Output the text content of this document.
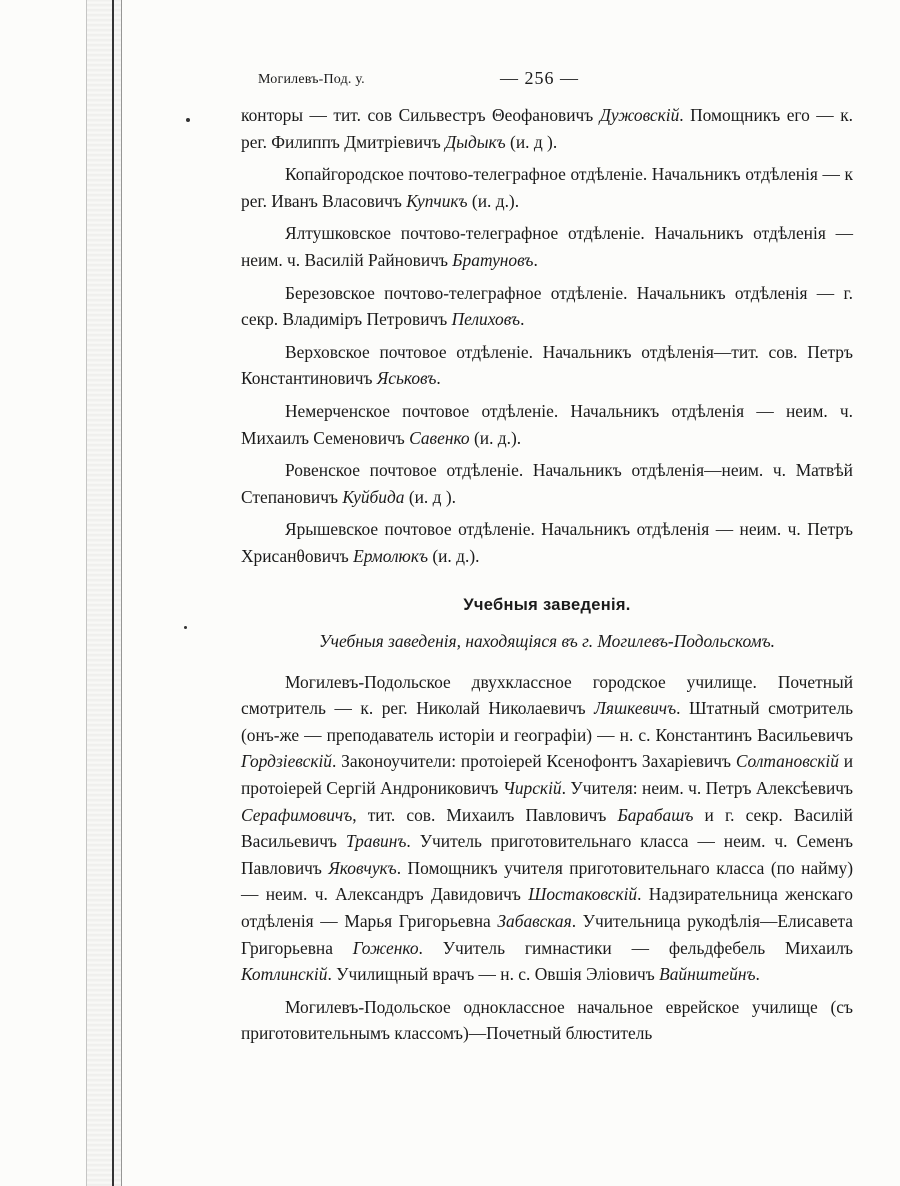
Могилевъ-Под. у.	— 256 —

конторы — тит. сов Сильвестръ Θеофановичъ Дужовскій. Помощникъ его — к. рег. Филиппъ Дмитріевичъ Дыдыкъ (и. д ).

Копайгородское почтово-телеграфное отдѣленіе. Начальникъ отдѣленія — к рег. Иванъ Власовичъ Купчикъ (и. д.).

Ялтушковское почтово-телеграфное отдѣленіе. Начальникъ отдѣленія — неим. ч. Василій Райновичъ Братуновъ.

Березовское почтово-телеграфное отдѣленіе. Начальникъ отдѣленія — г. секр. Владиміръ Петровичъ Пелиховъ.

Верховское почтовое отдѣленіе. Начальникъ отдѣленія—тит. сов. Петръ Константиновичъ Яськовъ.

Немерченское почтовое отдѣленіе. Начальникъ отдѣленія — неим. ч. Михаилъ Семеновичъ Савенко (и. д.).

Ровенское почтовое отдѣленіе. Начальникъ отдѣленія—неим. ч. Матвѣй Степановичъ Куйбида (и. д ).

Ярышевское почтовое отдѣленіе. Начальникъ отдѣленія — неим. ч. Петръ Хрисанθовичъ Ермолюкъ (и. д.).

Учебныя заведенія.

Учебныя заведенія, находящіяся въ г. Могилевъ-Подольскомъ.

Могилевъ-Подольское двухклассное городское училище. Почетный смотритель — к. рег. Николай Николаевичъ Ляшкевичъ. Штатный смотритель (онъ-же — преподаватель исторіи и географіи) — н. с. Константинъ Васильевичъ Гордзіевскій. Законоучители: протоіерей Ксенофонтъ Захаріевичъ Солтановскій и протоіерей Сергій Андрониковичъ Чирскій. Учителя: неим. ч. Петръ Алексѣевичъ Серафимовичъ, тит. сов. Михаилъ Павловичъ Барабашъ и г. секр. Василій Васильевичъ Травинъ. Учитель приготовительнаго класса — неим. ч. Семенъ Павловичъ Яковчукъ. Помощникъ учителя приготовительнаго класса (по найму) — неим. ч. Александръ Давидовичъ Шостаковскій. Надзирательница женскаго отдѣленія — Марья Григорьевна Забавская. Учительница рукодѣлія—Елисавета Григорьевна Гоженко. Учитель гимнастики — фельдфебель Михаилъ Котлинскій. Училищный врачъ — н. с. Овшія Эліовичъ Вайнштейнъ.

Могилевъ-Подольское одноклассное начальное еврейское училище (съ приготовительнымъ классомъ)—Почетный блюститель
